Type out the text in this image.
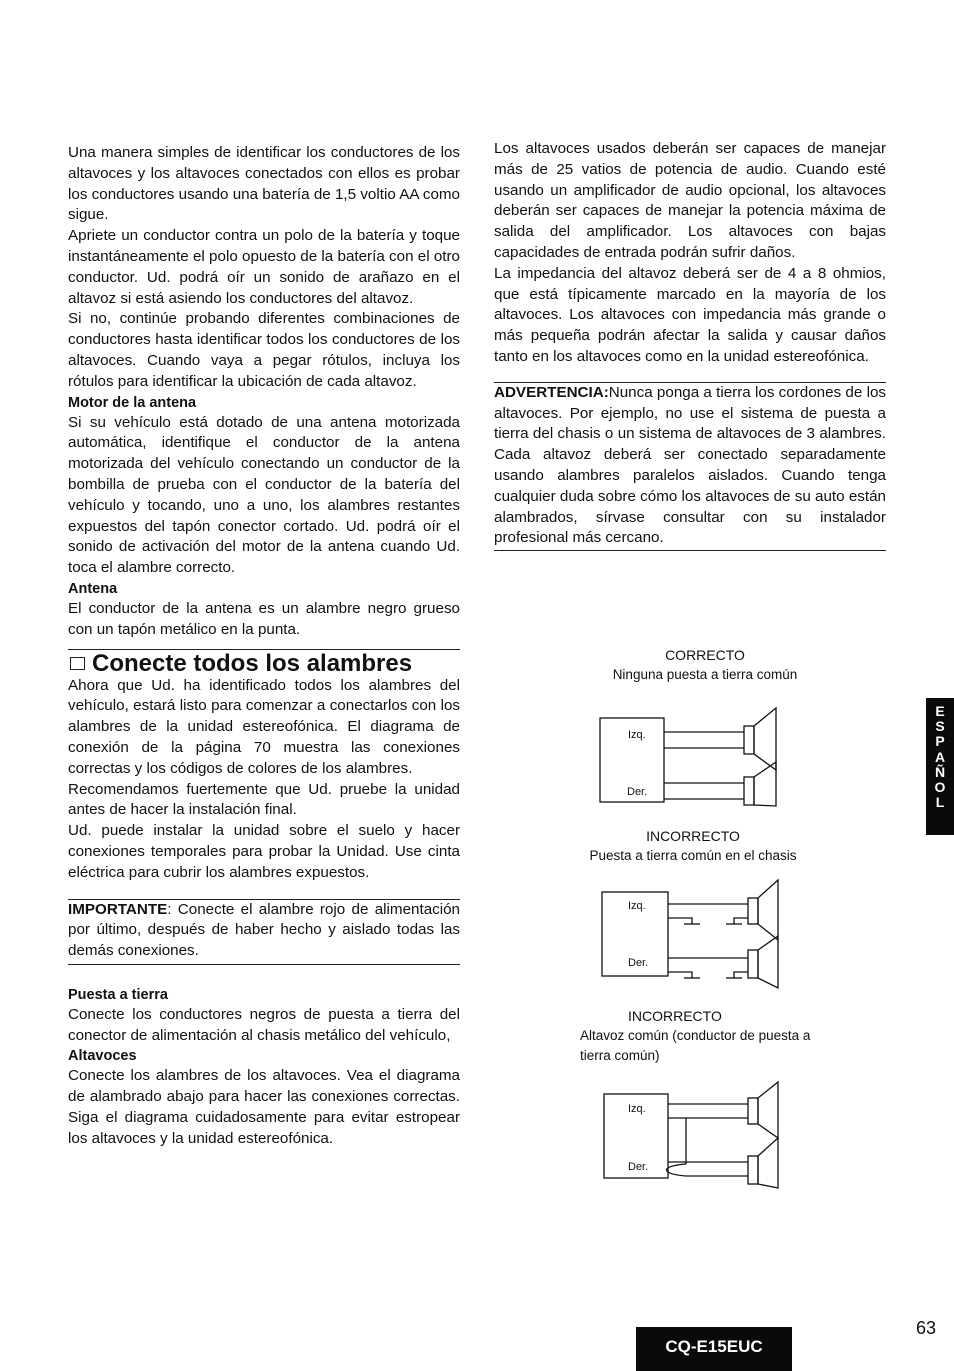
Una manera simples de identificar los conductores de los altavoces y los altavoces conectados con ellos es probar los conductores usando una batería de 1,5 voltio AA como sigue.

Apriete un conductor contra un polo de la batería y toque instantáneamente el polo opuesto de la batería con el otro conductor. Ud. podrá oír un sonido de arañazo en el altavoz si está asiendo los conductores del altavoz.

Si no, continúe probando diferentes combinaciones de conductores hasta identificar todos los conductores de los altavoces. Cuando vaya a pegar rótulos, incluya los rótulos para identificar la ubicación de cada altavoz.

Motor de la antena

Si su vehículo está dotado de una antena motorizada automática, identifique el conductor de la antena motorizada del vehículo conectando un conductor de la bombilla de prueba con el conductor de la batería del vehículo y tocando, uno a uno, los alambres restantes expuestos del tapón conector cortado. Ud. podrá oír el sonido de activación del motor de la antena cuando Ud. toca el alambre correcto.

Antena

El conductor de la antena es un alambre negro grueso con un tapón metálico en la punta.

Conecte todos los alambres

Ahora que Ud. ha identificado todos los alambres del vehículo, estará listo para comenzar a conectarlos con los alambres de la unidad estereofónica. El diagrama de conexión de la página 70 muestra las conexiones correctas y los códigos de colores de los alambres.

Recomendamos fuertemente que Ud. pruebe la unidad antes de hacer la instalación final.

Ud. puede instalar la unidad sobre el suelo y hacer conexiones temporales para probar la Unidad. Use cinta eléctrica para cubrir los alambres expuestos.

IMPORTANTE: Conecte el alambre rojo de alimentación por último, después de haber hecho y aislado todas las demás conexiones.

Puesta a tierra

Conecte los conductores negros de puesta a tierra del conector de alimentación al chasis metálico del vehículo,

Altavoces

Conecte los alambres de los altavoces. Vea el diagrama de alambrado abajo para hacer las conexiones correctas. Siga el diagrama cuidadosamente para evitar estropear los altavoces y la unidad estereofónica.

Los altavoces usados deberán ser capaces de manejar más de 25 vatios de potencia de audio. Cuando esté usando un amplificador de audio opcional, los altavoces deberán ser capaces de manejar la potencia máxima de salida del amplificador. Los altavoces con bajas capacidades de entrada podrán sufrir daños.

La impedancia del altavoz deberá ser de 4 a 8 ohmios, que está típicamente marcado en la mayoría de los altavoces. Los altavoces con impedancia más grande o más pequeña podrán afectar la salida y causar daños tanto en los altavoces como en la unidad estereofónica.

ADVERTENCIA:Nunca ponga a tierra los cordones de los altavoces. Por ejemplo, no use el sistema de puesta a tierra del chasis o un sistema de altavoces de 3 alambres. Cada altavoz deberá ser conectado separadamente usando alambres paralelos aislados. Cuando tenga cualquier duda sobre cómo los altavoces de su auto están alambrados, sírvase consultar con su instalador profesional más cercano.

CORRECTO
Ninguna puesta a tierra común
INCORRECTO
Puesta a tierra común en el chasis
INCORRECTO
Altavoz común (conductor de puesta a tierra común)
Izq.
Der.
Izq.
Der.
Izq.
Der.
E
S
P
A
Ñ
O
L
CQ-E15EUC
63
